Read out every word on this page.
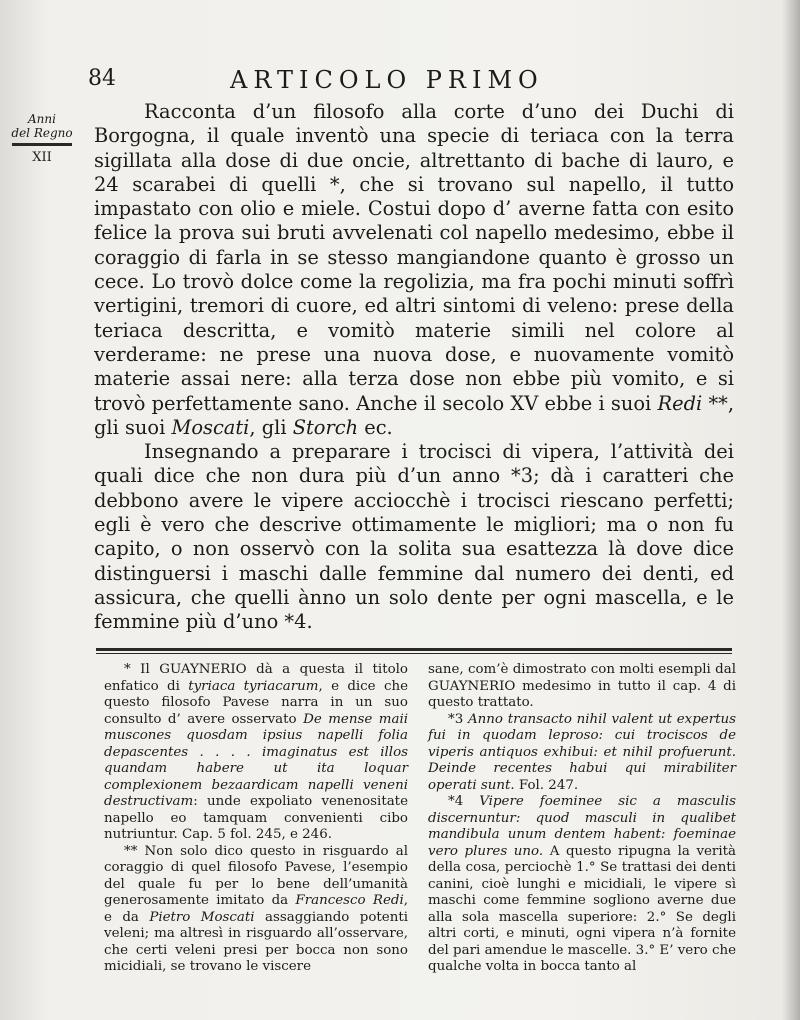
84	ARTICOLO PRIMO
Anni
del Regno
XII

Racconta d’un filosofo alla corte d’uno dei Duchi di Borgogna, il quale inventò una specie di teriaca con la terra sigillata alla dose di due oncie, altrettanto di bache di lauro, e 24 scarabei di quelli *, che si trovano sul napello, il tutto impastato con olio e miele. Costui dopo d’ averne fatta con esito felice la prova sui bruti avvelenati col napello medesimo, ebbe il coraggio di farla in se stesso mangiandone quanto è grosso un cece. Lo trovò dolce come la regolizia, ma fra pochi minuti soffrì vertigini, tremori di cuore, ed altri sintomi di veleno: prese della teriaca descritta, e vomitò materie simili nel colore al verderame: ne prese una nuova dose, e nuovamente vomitò materie assai nere: alla terza dose non ebbe più vomito, e si trovò perfettamente sano. Anche il secolo XV ebbe i suoi Redi **, gli suoi Moscati, gli Storch ec.

Insegnando a preparare i trocisci di vipera, l’attività dei quali dice che non dura più d’un anno *3; dà i caratteri che debbono avere le vipere acciocchè i trocisci riescano perfetti; egli è vero che descrive ottimamente le migliori; ma o non fu capito, o non osservò con la solita sua esattezza là dove dice distinguersi i maschi dalle femmine dal numero dei denti, ed assicura, che quelli ànno un solo dente per ogni mascella, e le femmine più d’uno *4.

* Il GUAYNERIO dà a questa il titolo enfatico di tyriaca tyriacarum, e dice che questo filosofo Pavese narra in un suo consulto d’ avere osservato De mense maii muscones quosdam ipsius napelli folia depascentes . . . . imaginatus est illos quandam habere ut ita loquar complexionem bezaardicam napelli veneni destructivam: unde expoliato venenositate napello eo tamquam convenienti cibo nutriuntur. Cap. 5 fol. 245, e 246.

** Non solo dico questo in risguardo al coraggio di quel filosofo Pavese, l’esempio del quale fu per lo bene dell’umanità generosamente imitato da Francesco Redi, e da Pietro Moscati assaggiando potenti veleni; ma altresì in risguardo all’osservare, che certi veleni presi per bocca non sono micidiali, se trovano le viscere

sane, com’è dimostrato con molti esempli dal GUAYNERIO medesimo in tutto il cap. 4 di questo trattato.

*3 Anno transacto nihil valent ut expertus fui in quodam leproso: cui trociscos de viperis antiquos exhibui: et nihil profuerunt. Deinde recentes habui qui mirabiliter operati sunt. Fol. 247.

*4 Vipere foeminee sic a masculis discernuntur: quod masculi in qualibet mandibula unum dentem habent: foeminae vero plures uno. A questo ripugna la verità della cosa, perciochè 1.° Se trattasi dei denti canini, cioè lunghi e micidiali, le vipere sì maschi come femmine sogliono averne due alla sola mascella superiore: 2.° Se degli altri corti, e minuti, ogni vipera n’à fornite del pari amendue le mascelle. 3.° E’ vero che qualche volta in bocca tanto al
